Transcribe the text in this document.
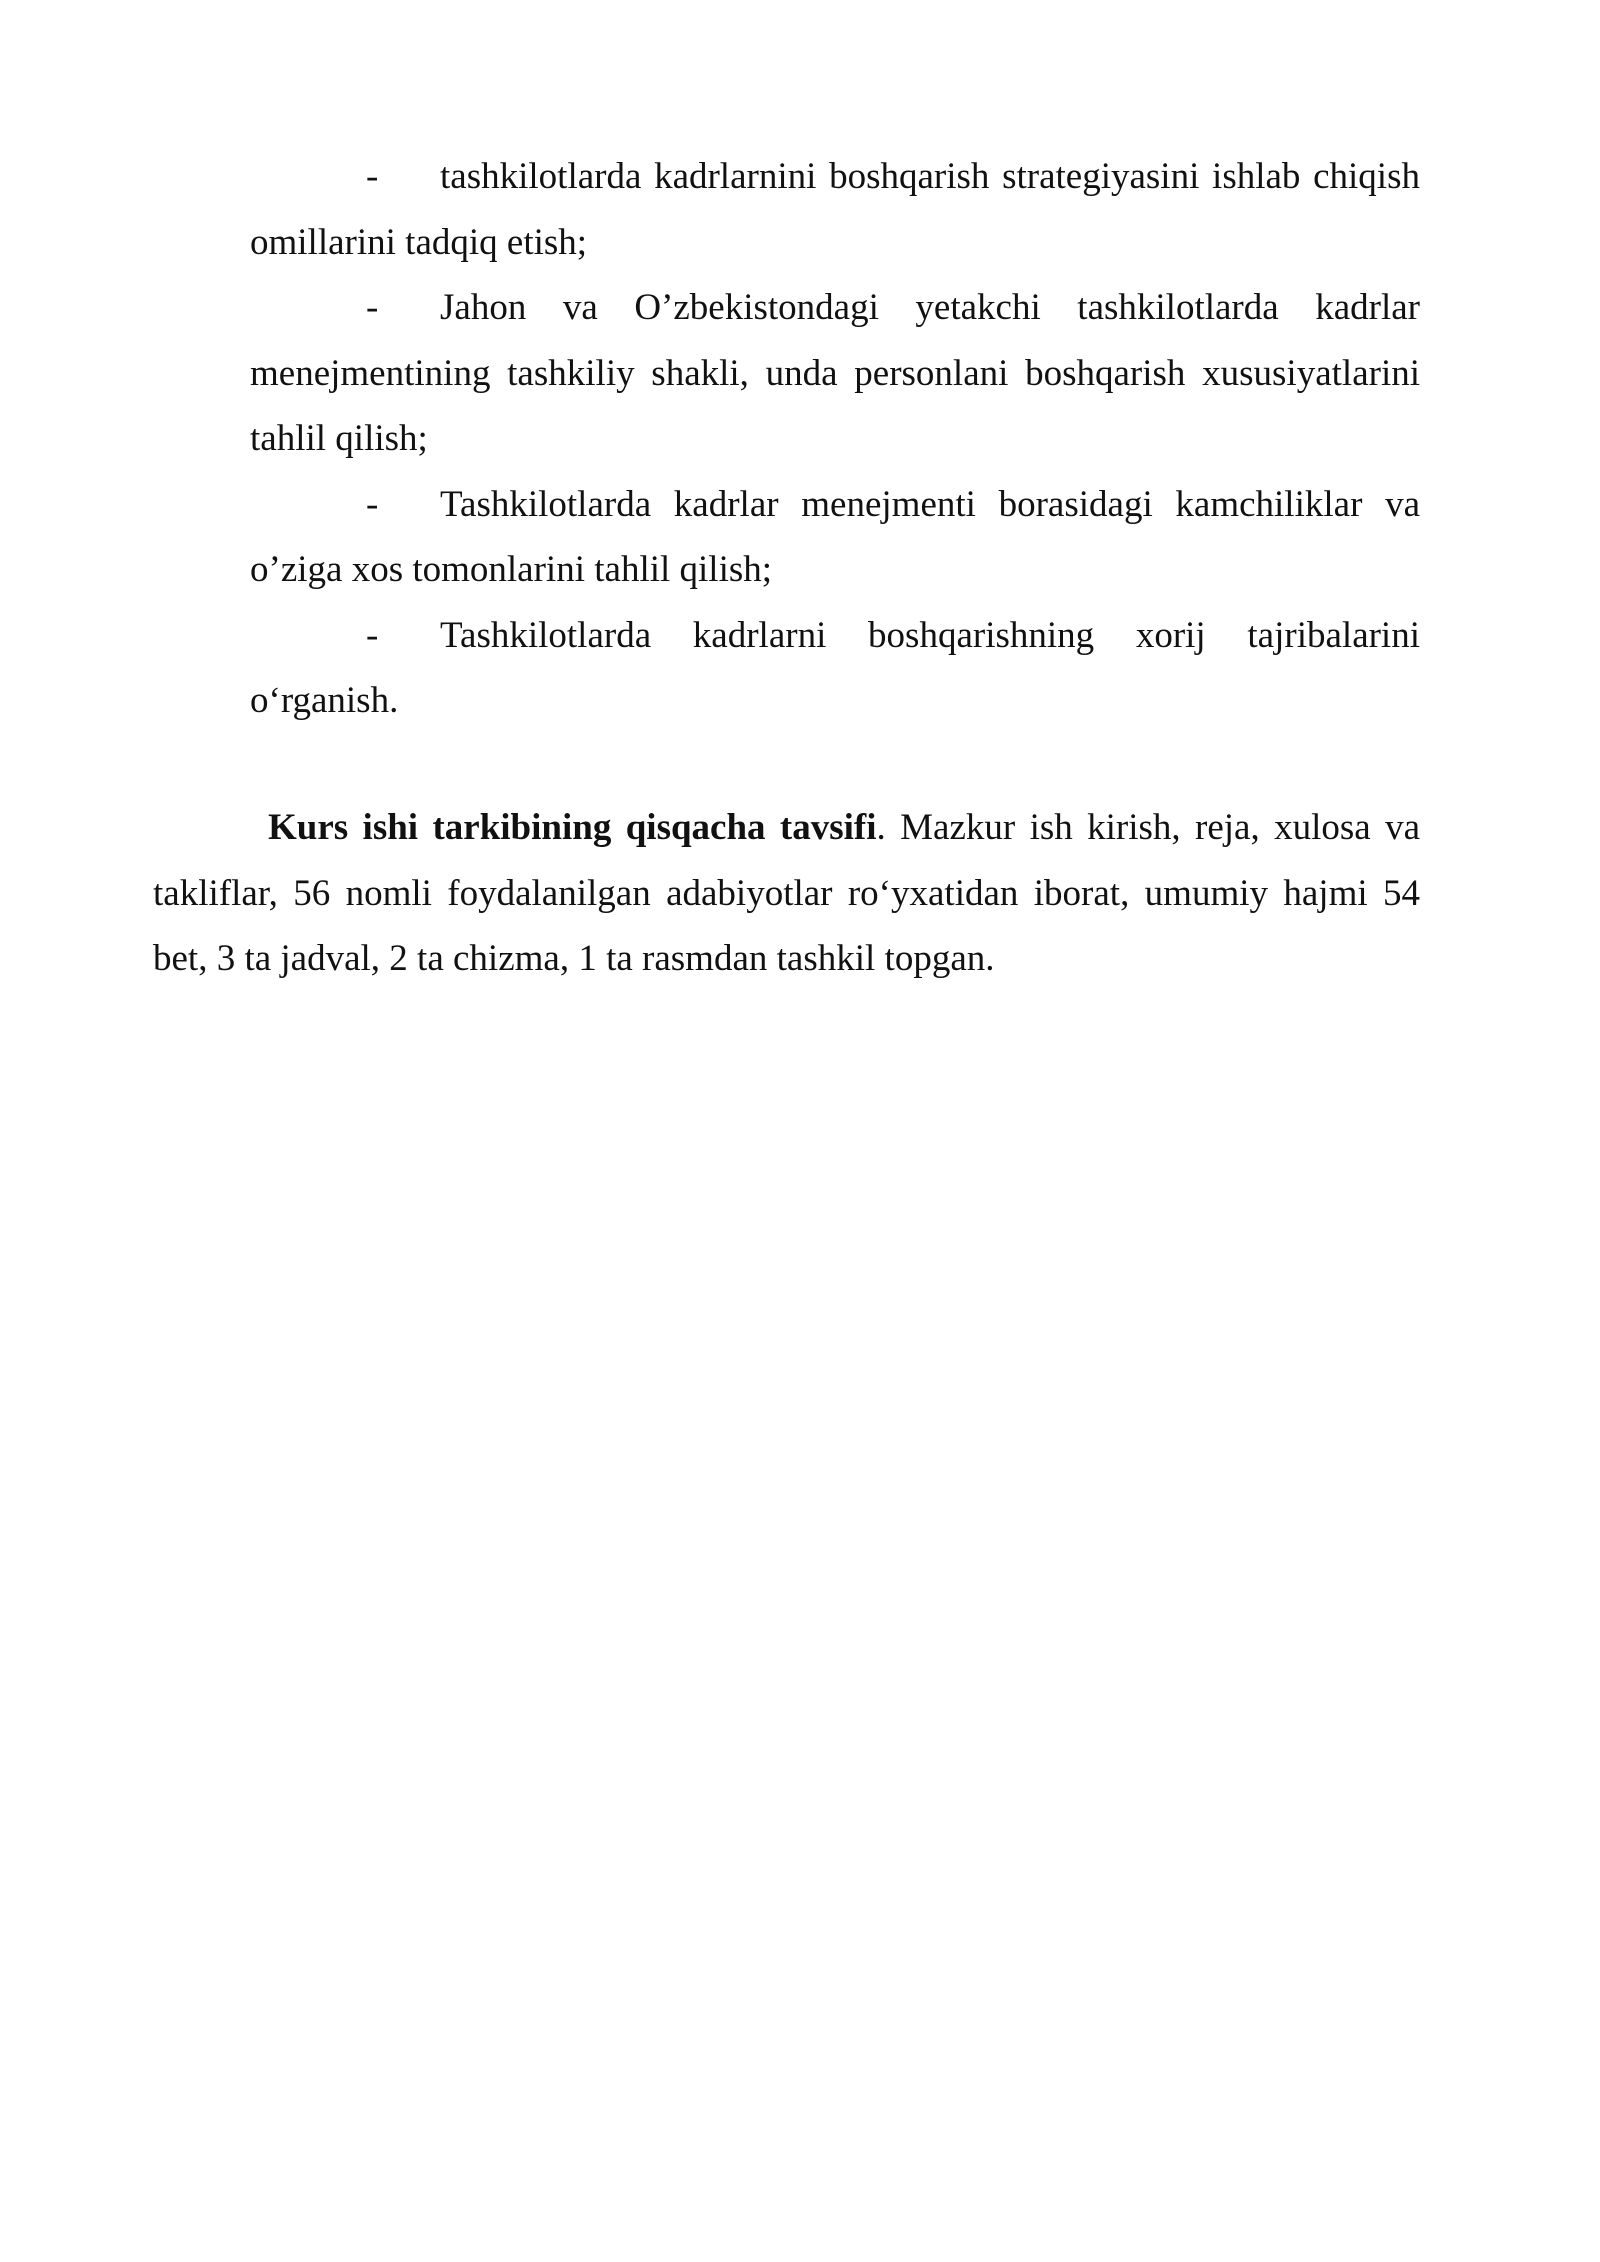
- tashkilotlarda kadrlarnini boshqarish strategiyasini ishlab chiqish omillarini tadqiq etish;
- Jahon va O’zbekistondagi yetakchi tashkilotlarda kadrlar menejmentining tashkiliy shakli, unda personlani boshqarish xususiyatlarini tahlil qilish;
- Tashkilotlarda kadrlar menejmenti borasidagi kamchiliklar va o’ziga xos tomonlarini tahlil qilish;
- Tashkilotlarda kadrlarni boshqarishning xorij tajribalarini o‘rganish.

Kurs ishi tarkibining qisqacha tavsifi. Mazkur ish kirish, reja, xulosa va takliflar, 56 nomli foydalanilgan adabiyotlar ro‘yxatidan iborat, umumiy hajmi 54 bet, 3 ta jadval, 2 ta chizma, 1 ta rasmdan tashkil topgan.
